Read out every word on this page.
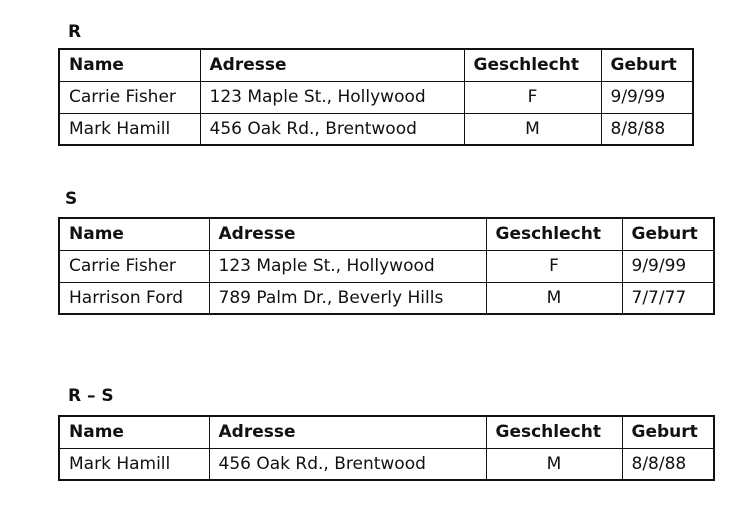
R

Name	Adresse	Geschlecht	Geburt
Carrie Fisher	123 Maple St., Hollywood	F	9/9/99
Mark Hamill	456 Oak Rd., Brentwood	M	8/8/88

S

Name	Adresse	Geschlecht	Geburt
Carrie Fisher	123 Maple St., Hollywood	F	9/9/99
Harrison Ford	789 Palm Dr., Beverly Hills	M	7/7/77

R – S

Name	Adresse	Geschlecht	Geburt
Mark Hamill	456 Oak Rd., Brentwood	M	8/8/88
